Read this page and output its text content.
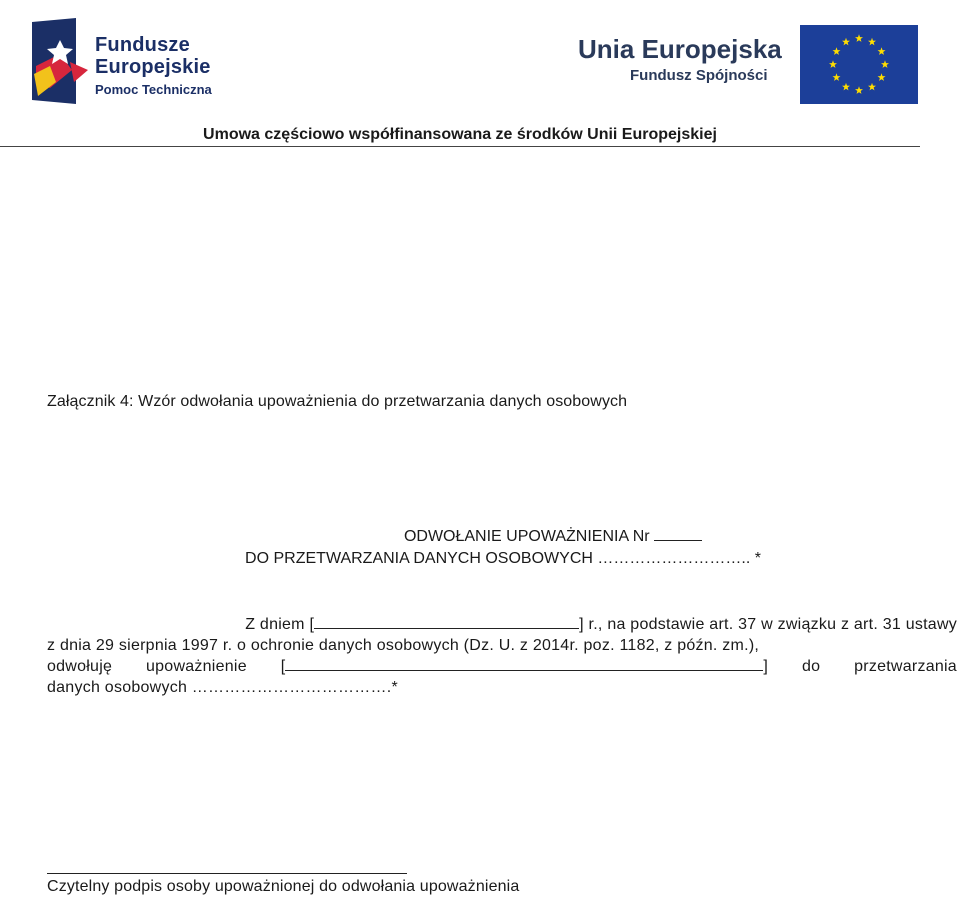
Fundusze
Europejskie
Pomoc Techniczna
Unia Europejska
Fundusz Spójności
Umowa częściowo współfinansowana ze środków Unii Europejskiej
Załącznik 4: Wzór odwołania upoważnienia do przetwarzania danych osobowych
ODWOŁANIE UPOWAŻNIENIA Nr
DO PRZETWARZANIA DANYCH OSOBOWYCH ……………………….. *
Z dniem [	] r., na podstawie art. 37 w związku z art. 31 ustawy
z dnia 29 sierpnia 1997 r. o ochronie danych osobowych (Dz. U. z 2014r. poz. 1182, z późn. zm.),
odwołuję upoważnienie [	] do przetwarzania
danych osobowych ……………………………….*
Czytelny podpis osoby upoważnionej do odwołania upoważnienia
